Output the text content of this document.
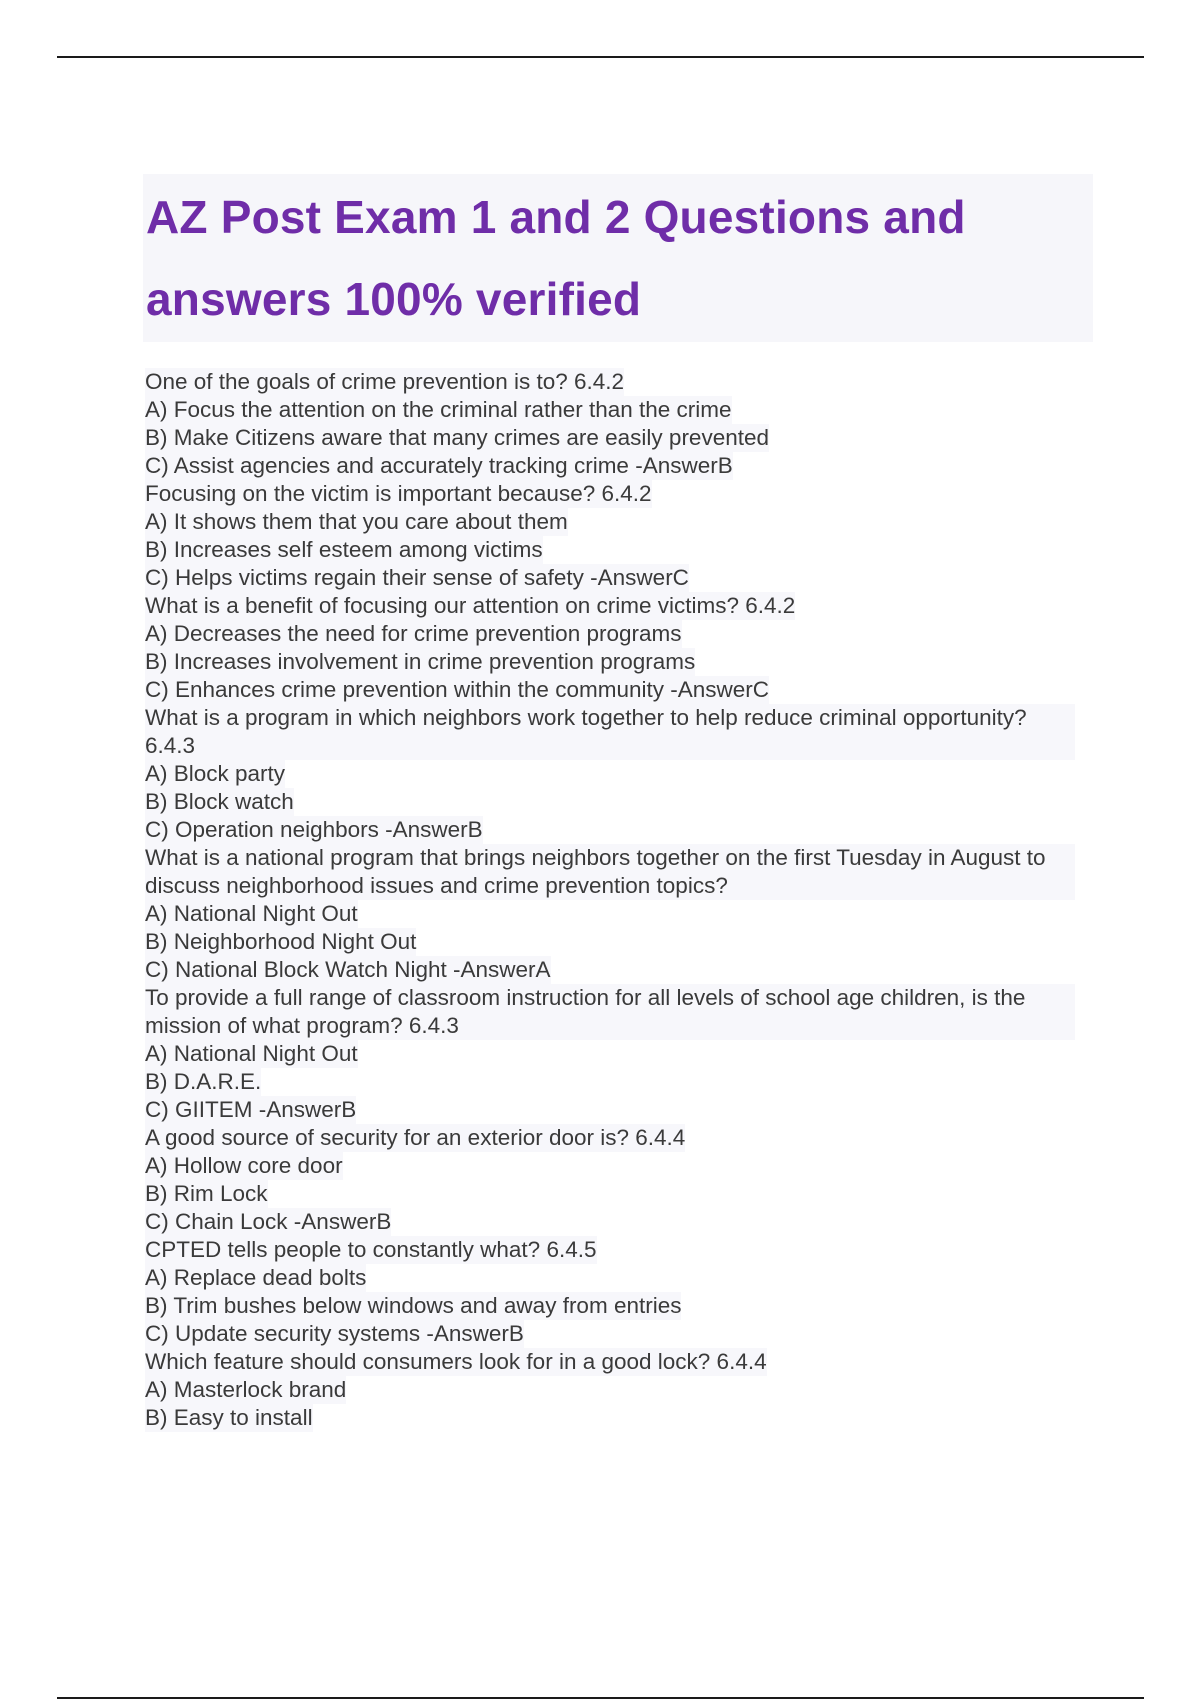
AZ Post Exam 1 and 2 Questions and answers 100% verified
One of the goals of crime prevention is to? 6.4.2
A) Focus the attention on the criminal rather than the crime
B) Make Citizens aware that many crimes are easily prevented
C) Assist agencies and accurately tracking crime -AnswerB
Focusing on the victim is important because? 6.4.2
A) It shows them that you care about them
B) Increases self esteem among victims
C) Helps victims regain their sense of safety -AnswerC
What is a benefit of focusing our attention on crime victims? 6.4.2
A) Decreases the need for crime prevention programs
B) Increases involvement in crime prevention programs
C) Enhances crime prevention within the community -AnswerC
What is a program in which neighbors work together to help reduce criminal opportunity? 6.4.3
A) Block party
B) Block watch
C) Operation neighbors -AnswerB
What is a national program that brings neighbors together on the first Tuesday in August to discuss neighborhood issues and crime prevention topics?
A) National Night Out
B) Neighborhood Night Out
C) National Block Watch Night -AnswerA
To provide a full range of classroom instruction for all levels of school age children, is the mission of what program? 6.4.3
A) National Night Out
B) D.A.R.E.
C) GIITEM -AnswerB
A good source of security for an exterior door is? 6.4.4
A) Hollow core door
B) Rim Lock
C) Chain Lock -AnswerB
CPTED tells people to constantly what? 6.4.5
A) Replace dead bolts
B) Trim bushes below windows and away from entries
C) Update security systems -AnswerB
Which feature should consumers look for in a good lock? 6.4.4
A) Masterlock brand
B) Easy to install
